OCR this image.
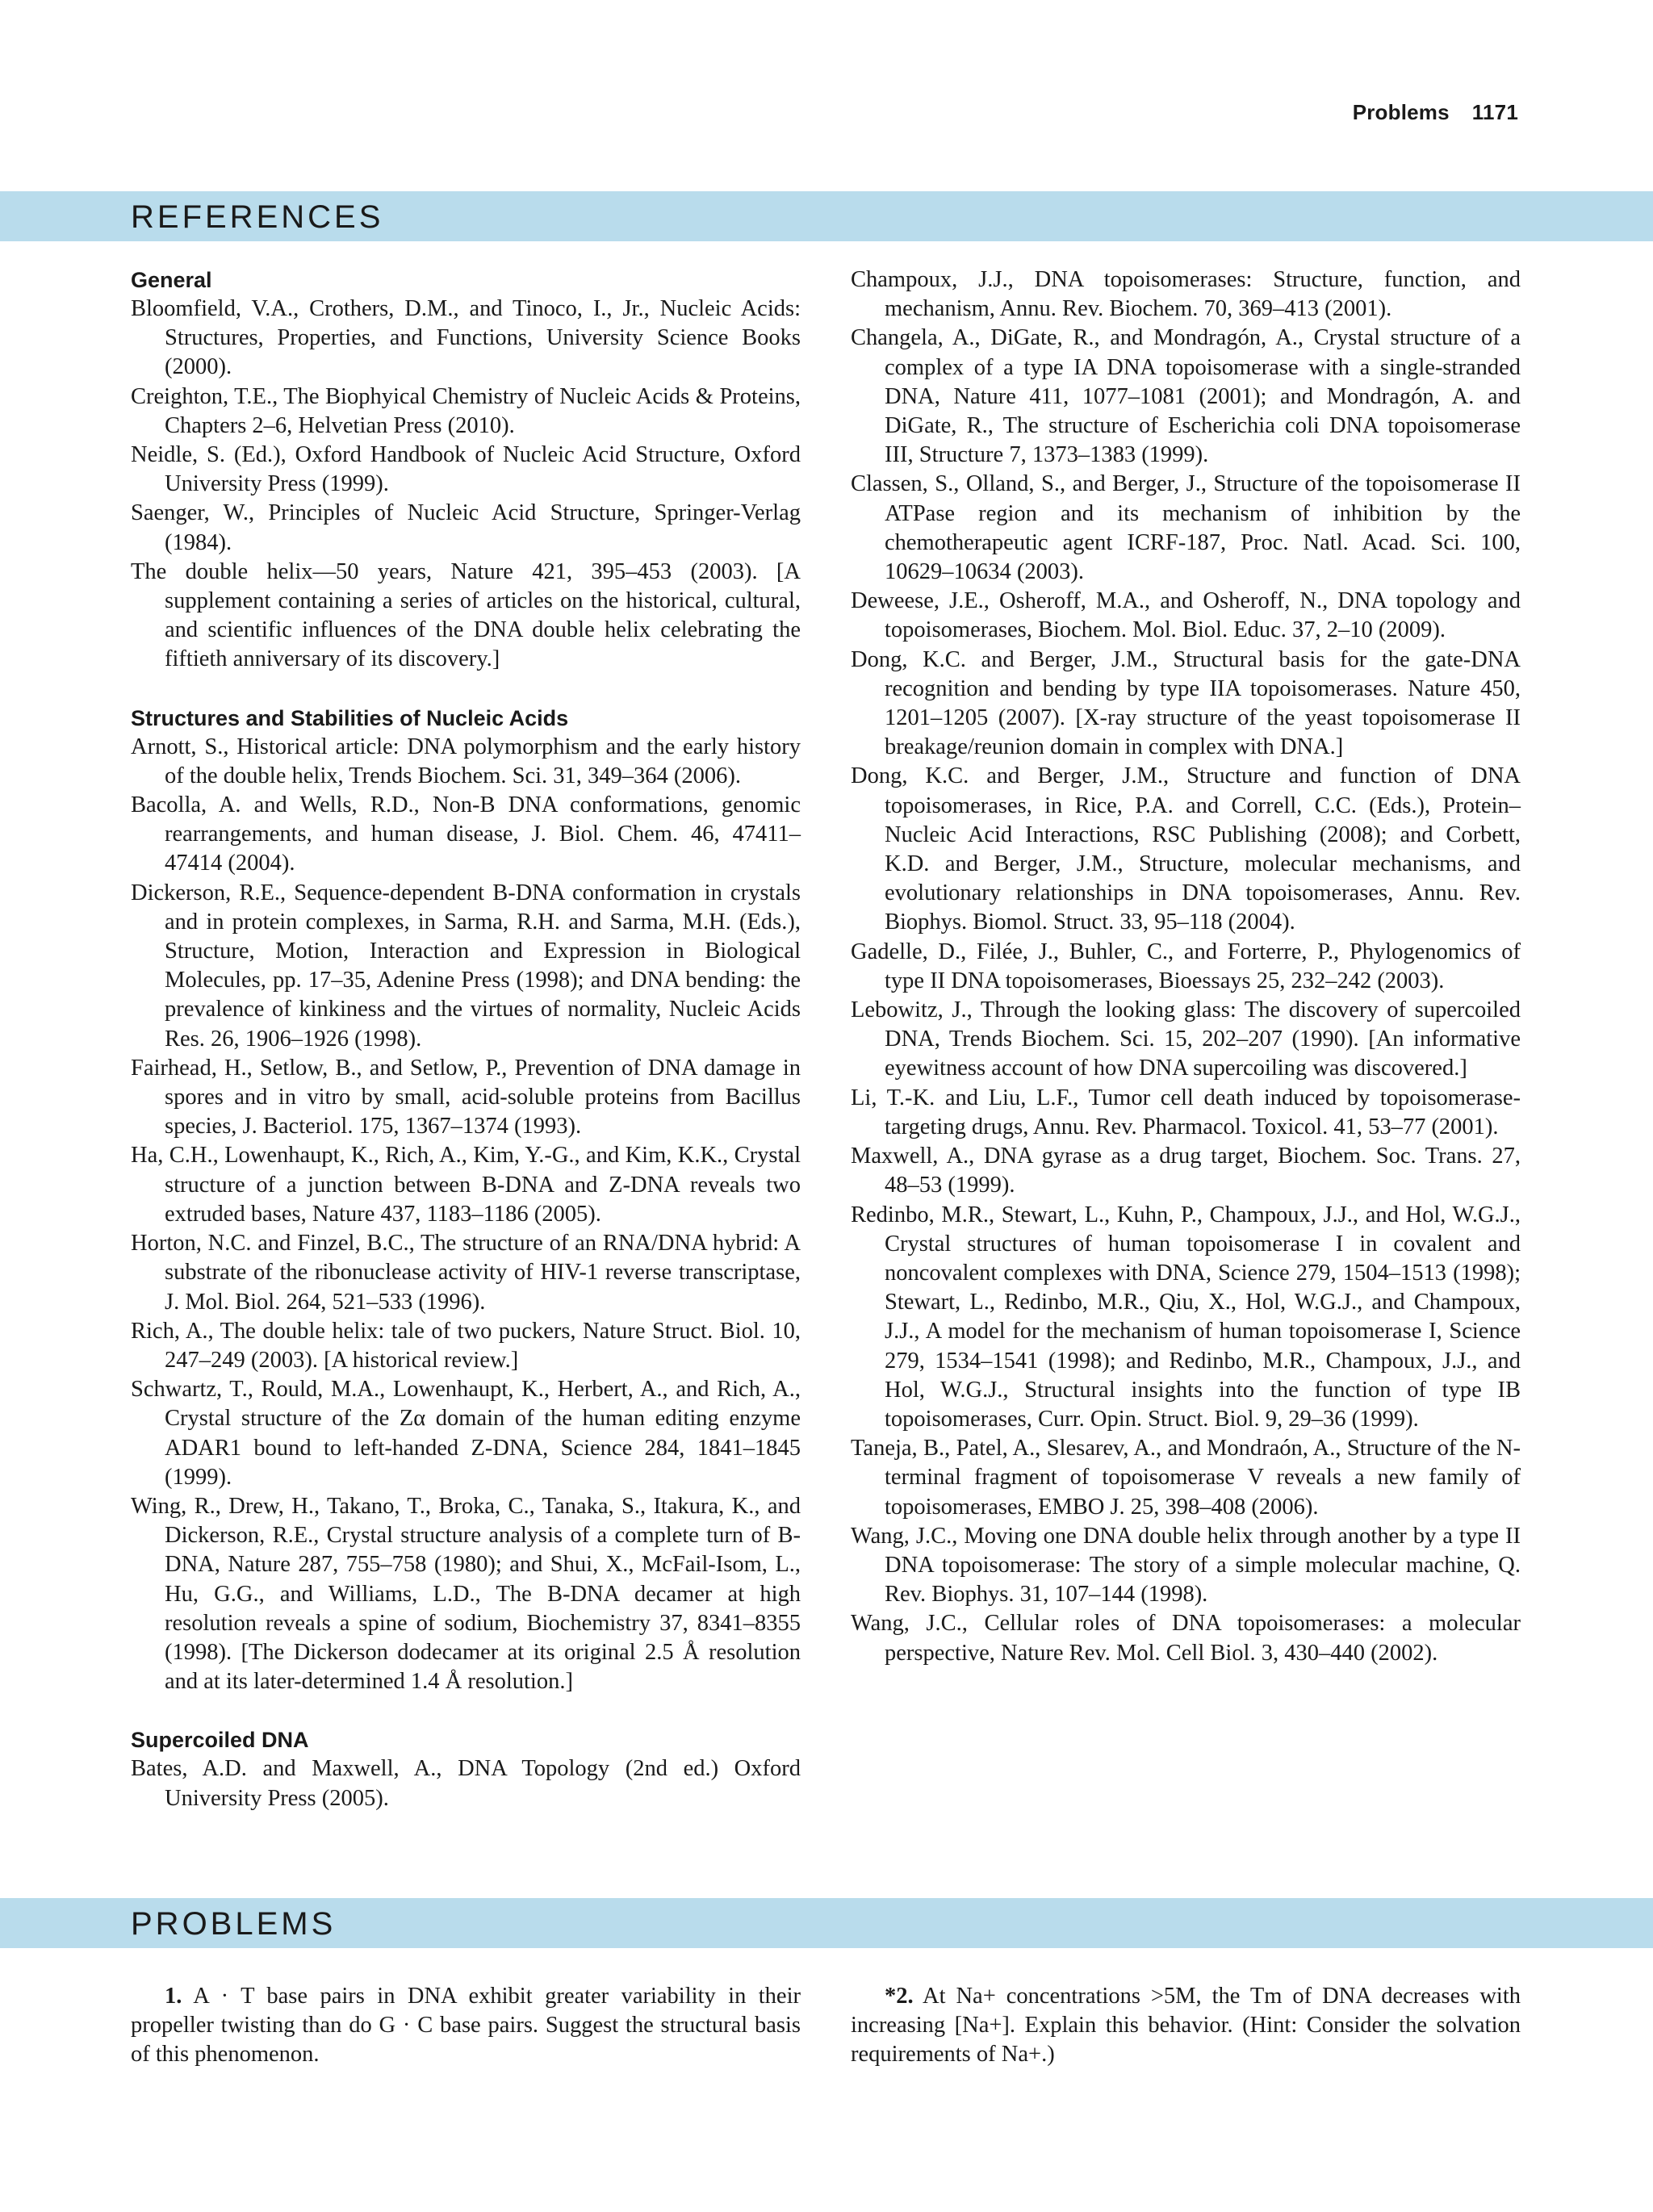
Problems 1171
REFERENCES
General

Bloomfield, V.A., Crothers, D.M., and Tinoco, I., Jr., Nucleic Acids: Structures, Properties, and Functions, University Science Books (2000).

Creighton, T.E., The Biophyical Chemistry of Nucleic Acids & Proteins, Chapters 2–6, Helvetian Press (2010).

Neidle, S. (Ed.), Oxford Handbook of Nucleic Acid Structure, Oxford University Press (1999).

Saenger, W., Principles of Nucleic Acid Structure, Springer-Verlag (1984).

The double helix—50 years, Nature 421, 395–453 (2003). [A supplement containing a series of articles on the historical, cultural, and scientific influences of the DNA double helix celebrating the fiftieth anniversary of its discovery.]

Structures and Stabilities of Nucleic Acids

Arnott, S., Historical article: DNA polymorphism and the early history of the double helix, Trends Biochem. Sci. 31, 349–364 (2006).

Bacolla, A. and Wells, R.D., Non-B DNA conformations, genomic rearrangements, and human disease, J. Biol. Chem. 46, 47411–47414 (2004).

Dickerson, R.E., Sequence-dependent B-DNA conformation in crystals and in protein complexes, in Sarma, R.H. and Sarma, M.H. (Eds.), Structure, Motion, Interaction and Expression in Biological Molecules, pp. 17–35, Adenine Press (1998); and DNA bending: the prevalence of kinkiness and the virtues of normality, Nucleic Acids Res. 26, 1906–1926 (1998).

Fairhead, H., Setlow, B., and Setlow, P., Prevention of DNA damage in spores and in vitro by small, acid-soluble proteins from Bacillus species, J. Bacteriol. 175, 1367–1374 (1993).

Ha, C.H., Lowenhaupt, K., Rich, A., Kim, Y.-G., and Kim, K.K., Crystal structure of a junction between B-DNA and Z-DNA reveals two extruded bases, Nature 437, 1183–1186 (2005).

Horton, N.C. and Finzel, B.C., The structure of an RNA/DNA hybrid: A substrate of the ribonuclease activity of HIV-1 reverse transcriptase, J. Mol. Biol. 264, 521–533 (1996).

Rich, A., The double helix: tale of two puckers, Nature Struct. Biol. 10, 247–249 (2003). [A historical review.]

Schwartz, T., Rould, M.A., Lowenhaupt, K., Herbert, A., and Rich, A., Crystal structure of the Zα domain of the human editing enzyme ADAR1 bound to left-handed Z-DNA, Science 284, 1841–1845 (1999).

Wing, R., Drew, H., Takano, T., Broka, C., Tanaka, S., Itakura, K., and Dickerson, R.E., Crystal structure analysis of a complete turn of B-DNA, Nature 287, 755–758 (1980); and Shui, X., McFail-Isom, L., Hu, G.G., and Williams, L.D., The B-DNA decamer at high resolution reveals a spine of sodium, Biochemistry 37, 8341–8355 (1998). [The Dickerson dodecamer at its original 2.5 Å resolution and at its later-determined 1.4 Å resolution.]

Supercoiled DNA

Bates, A.D. and Maxwell, A., DNA Topology (2nd ed.) Oxford University Press (2005).

Champoux, J.J., DNA topoisomerases: Structure, function, and mechanism, Annu. Rev. Biochem. 70, 369–413 (2001).

Changela, A., DiGate, R., and Mondragón, A., Crystal structure of a complex of a type IA DNA topoisomerase with a single-stranded DNA, Nature 411, 1077–1081 (2001); and Mondragón, A. and DiGate, R., The structure of Escherichia coli DNA topoisomerase III, Structure 7, 1373–1383 (1999).

Classen, S., Olland, S., and Berger, J., Structure of the topoisomerase II ATPase region and its mechanism of inhibition by the chemotherapeutic agent ICRF-187, Proc. Natl. Acad. Sci. 100, 10629–10634 (2003).

Deweese, J.E., Osheroff, M.A., and Osheroff, N., DNA topology and topoisomerases, Biochem. Mol. Biol. Educ. 37, 2–10 (2009).

Dong, K.C. and Berger, J.M., Structural basis for the gate-DNA recognition and bending by type IIA topoisomerases. Nature 450, 1201–1205 (2007). [X-ray structure of the yeast topoisomerase II breakage/reunion domain in complex with DNA.]

Dong, K.C. and Berger, J.M., Structure and function of DNA topoisomerases, in Rice, P.A. and Correll, C.C. (Eds.), Protein–Nucleic Acid Interactions, RSC Publishing (2008); and Corbett, K.D. and Berger, J.M., Structure, molecular mechanisms, and evolutionary relationships in DNA topoisomerases, Annu. Rev. Biophys. Biomol. Struct. 33, 95–118 (2004).

Gadelle, D., Filée, J., Buhler, C., and Forterre, P., Phylogenomics of type II DNA topoisomerases, Bioessays 25, 232–242 (2003).

Lebowitz, J., Through the looking glass: The discovery of supercoiled DNA, Trends Biochem. Sci. 15, 202–207 (1990). [An informative eyewitness account of how DNA supercoiling was discovered.]

Li, T.-K. and Liu, L.F., Tumor cell death induced by topoisomerase-targeting drugs, Annu. Rev. Pharmacol. Toxicol. 41, 53–77 (2001).

Maxwell, A., DNA gyrase as a drug target, Biochem. Soc. Trans. 27, 48–53 (1999).

Redinbo, M.R., Stewart, L., Kuhn, P., Champoux, J.J., and Hol, W.G.J., Crystal structures of human topoisomerase I in covalent and noncovalent complexes with DNA, Science 279, 1504–1513 (1998); Stewart, L., Redinbo, M.R., Qiu, X., Hol, W.G.J., and Champoux, J.J., A model for the mechanism of human topoisomerase I, Science 279, 1534–1541 (1998); and Redinbo, M.R., Champoux, J.J., and Hol, W.G.J., Structural insights into the function of type IB topoisomerases, Curr. Opin. Struct. Biol. 9, 29–36 (1999).

Taneja, B., Patel, A., Slesarev, A., and Mondraón, A., Structure of the N-terminal fragment of topoisomerase V reveals a new family of topoisomerases, EMBO J. 25, 398–408 (2006).

Wang, J.C., Moving one DNA double helix through another by a type II DNA topoisomerase: The story of a simple molecular machine, Q. Rev. Biophys. 31, 107–144 (1998).

Wang, J.C., Cellular roles of DNA topoisomerases: a molecular perspective, Nature Rev. Mol. Cell Biol. 3, 430–440 (2002).

PROBLEMS

1. A · T base pairs in DNA exhibit greater variability in their propeller twisting than do G · C base pairs. Suggest the structural basis of this phenomenon.

*2. At Na+ concentrations >5M, the Tm of DNA decreases with increasing [Na+]. Explain this behavior. (Hint: Consider the solvation requirements of Na+.)
